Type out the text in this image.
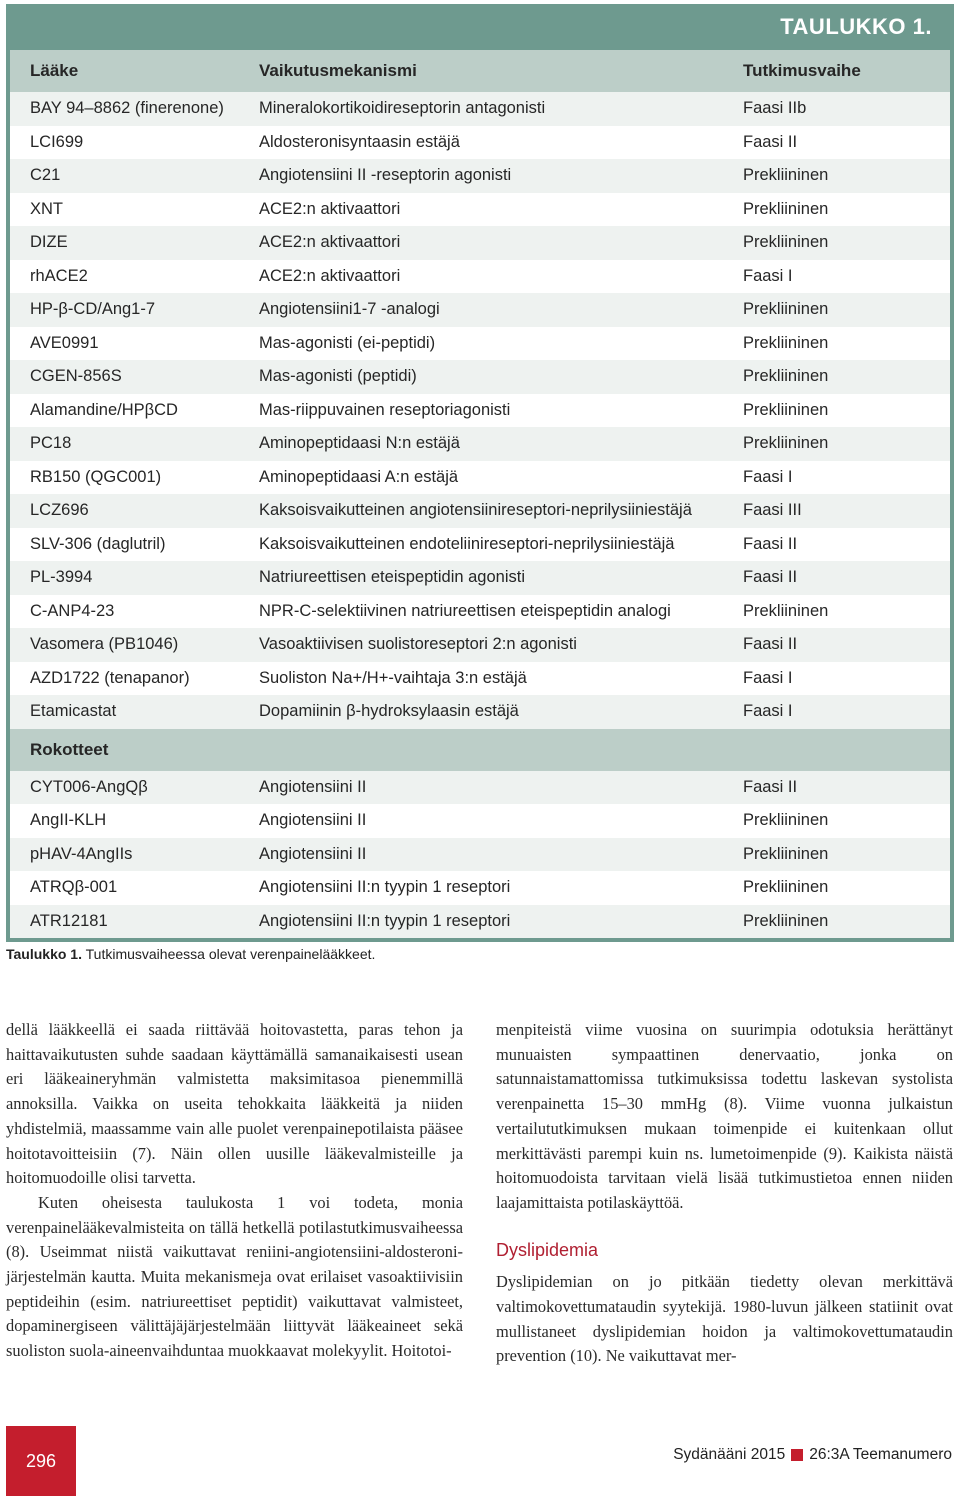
TAULUKKO 1.
Lääke	Vaikutusmekanismi	Tutkimusvaihe
BAY 94–8862 (finerenone)	Mineralokortikoidireseptorin antagonisti	Faasi IIb
LCI699	Aldosteronisyntaasin estäjä	Faasi II
C21	Angiotensiini II -reseptorin agonisti	Prekliininen
XNT	ACE2:n aktivaattori	Prekliininen
DIZE	ACE2:n aktivaattori	Prekliininen
rhACE2	ACE2:n aktivaattori	Faasi I
HP-β-CD/Ang1-7	Angiotensiini1-7 -analogi	Prekliininen
AVE0991	Mas-agonisti (ei-peptidi)	Prekliininen
CGEN-856S	Mas-agonisti (peptidi)	Prekliininen
Alamandine/HPβCD	Mas-riippuvainen reseptoriagonisti	Prekliininen
PC18	Aminopeptidaasi N:n estäjä	Prekliininen
RB150 (QGC001)	Aminopeptidaasi A:n estäjä	Faasi I
LCZ696	Kaksoisvaikutteinen angiotensiinireseptori-neprilysiiniestäjä	Faasi III
SLV-306 (daglutril)	Kaksoisvaikutteinen endoteliinireseptori-neprilysiiniestäjä	Faasi II
PL-3994	Natriureettisen eteispeptidin agonisti	Faasi II
C-ANP4-23	NPR-C-selektiivinen natriureettisen eteispeptidin analogi	Prekliininen
Vasomera (PB1046)	Vasoaktiivisen suolistoreseptori 2:n agonisti	Faasi II
AZD1722 (tenapanor)	Suoliston Na+/H+-vaihtaja 3:n estäjä	Faasi I
Etamicastat	Dopamiinin β-hydroksylaasin estäjä	Faasi I
Rokotteet
CYT006-AngQβ	Angiotensiini II	Faasi II
AngII-KLH	Angiotensiini II	Prekliininen
pHAV-4AngIIs	Angiotensiini II	Prekliininen
ATRQβ-001	Angiotensiini II:n tyypin 1 reseptori	Prekliininen
ATR12181	Angiotensiini II:n tyypin 1 reseptori	Prekliininen
Taulukko 1. Tutkimusvaiheessa olevat verenpainelääkkeet.

dellä lääkkeellä ei saada riittävää hoitovastetta, paras tehon ja haittavaikutusten suhde saadaan käyttämällä samanaikaisesti usean eri lääkeaineryhmän valmistetta maksimitasoa pienemmillä annoksilla. Vaikka on useita tehokkaita lääkkeitä ja niiden yhdistelmiä, maassamme vain alle puolet verenpainepotilaista pääsee hoitotavoitteisiin (7). Näin ollen uusille lääkevalmisteille ja hoitomuodoille olisi tarvetta.

Kuten oheisesta taulukosta 1 voi todeta, monia verenpainelääkevalmisteita on tällä hetkellä potilastutkimusvaiheessa (8). Useimmat niistä vaikuttavat reniini-angiotensiini-aldosteroni- järjestelmän kautta. Muita mekanismeja ovat erilaiset vasoaktiivisiin peptideihin (esim. natriureettiset peptidit) vaikuttavat valmisteet, dopaminergiseen välittäjäjärjestelmään liittyvät lääkeaineet sekä suoliston suola-aineenvaihduntaa muokkaavat molekyylit. Hoitotoi-

menpiteistä viime vuosina on suurimpia odotuksia herättänyt munuaisten sympaattinen denervaatio, jonka on satunnaistamattomissa tutkimuksissa todettu laskevan systolista verenpainetta 15–30 mmHg (8). Viime vuonna julkaistun vertailututkimuksen mukaan toimenpide ei kuitenkaan ollut merkittävästi parempi kuin ns. lumetoimenpide (9). Kaikista näistä hoitomuodoista tarvitaan vielä lisää tutkimustietoa ennen niiden laajamittaista potilaskäyttöä.

Dyslipidemia

Dyslipidemian on jo pitkään tiedetty olevan merkittävä valtimokovettumataudin syytekijä. 1980-luvun jälkeen statiinit ovat mullistaneet dyslipidemian hoidon ja valtimokovettumataudin prevention (10). Ne vaikuttavat mer-

296	Sydänääni 2015 26:3A Teemanumero
